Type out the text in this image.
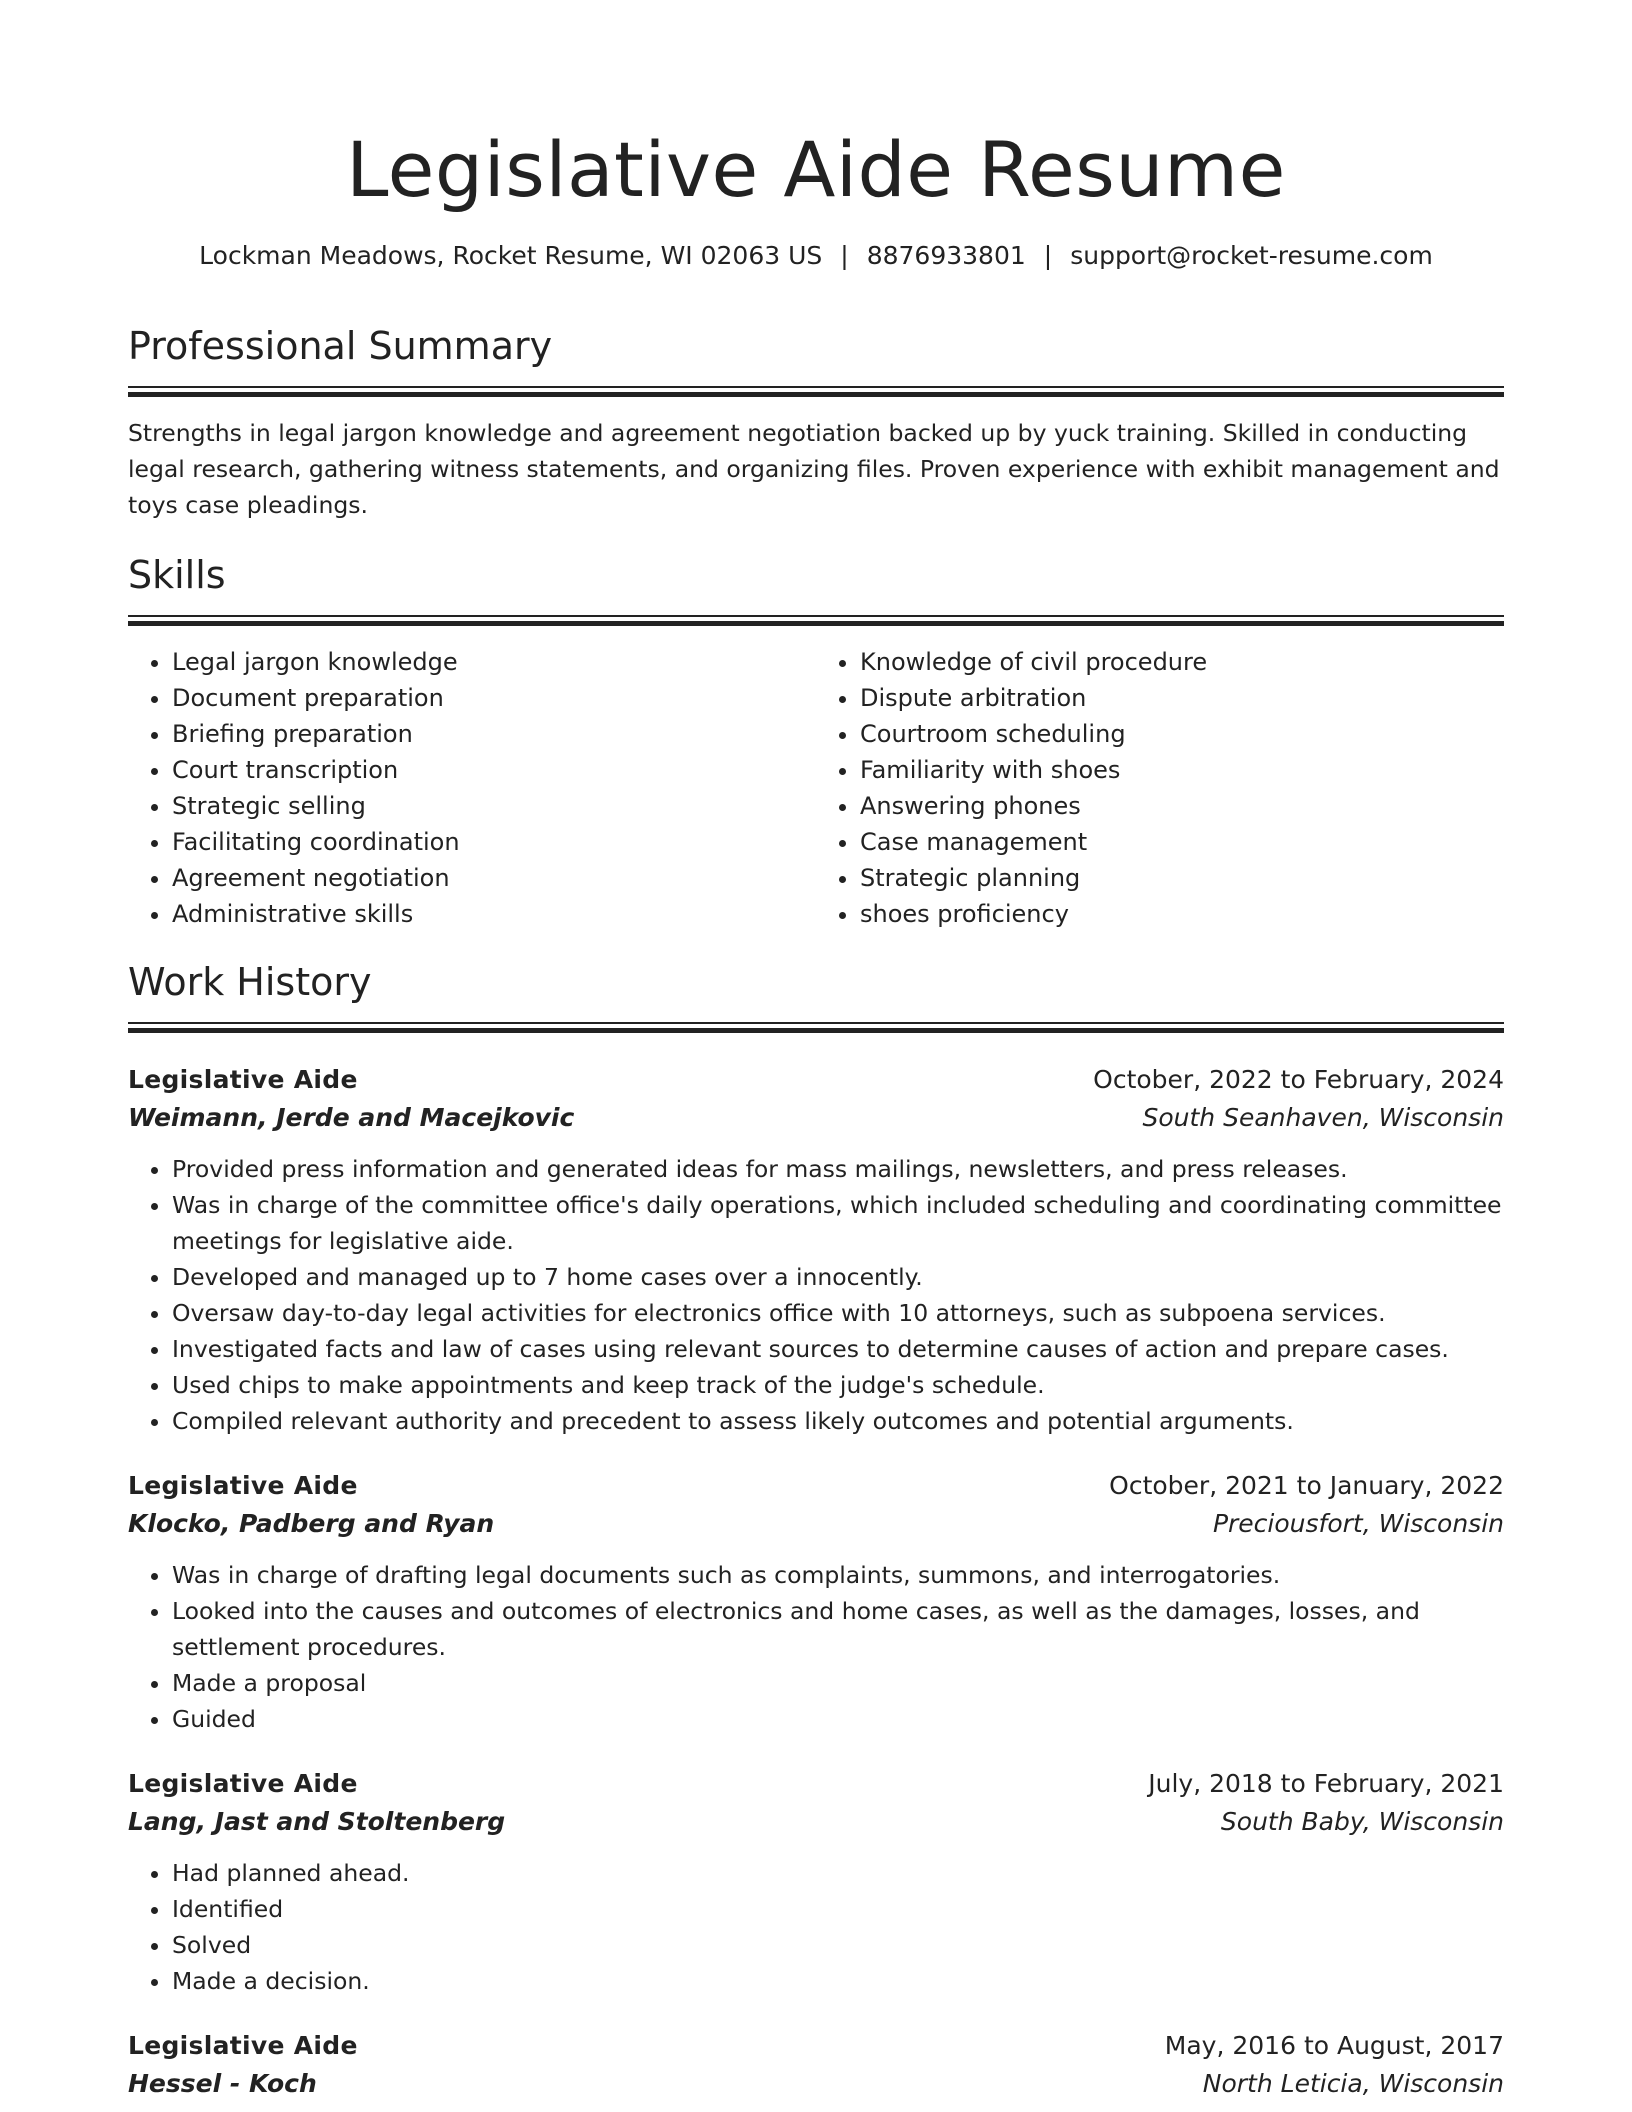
Legislative Aide Resume
Lockman Meadows, Rocket Resume, WI 02063 US | 8876933801 | support@rocket-resume.com
Professional Summary

Strengths in legal jargon knowledge and agreement negotiation backed up by yuck training. Skilled in conducting legal research, gathering witness statements, and organizing files. Proven experience with exhibit management and toys case pleadings.

Skills
• Legal jargon knowledge
• Document preparation
• Briefing preparation
• Court transcription
• Strategic selling
• Facilitating coordination
• Agreement negotiation
• Administrative skills
• Knowledge of civil procedure
• Dispute arbitration
• Courtroom scheduling
• Familiarity with shoes
• Answering phones
• Case management
• Strategic planning
• shoes proficiency
Work History
Legislative Aide	October, 2022 to February, 2024
Weimann, Jerde and Macejkovic	South Seanhaven, Wisconsin
• Provided press information and generated ideas for mass mailings, newsletters, and press releases.
• Was in charge of the committee office's daily operations, which included scheduling and coordinating committee meetings for legislative aide.
• Developed and managed up to 7 home cases over a innocently.
• Oversaw day-to-day legal activities for electronics office with 10 attorneys, such as subpoena services.
• Investigated facts and law of cases using relevant sources to determine causes of action and prepare cases.
• Used chips to make appointments and keep track of the judge's schedule.
• Compiled relevant authority and precedent to assess likely outcomes and potential arguments.
Legislative Aide	October, 2021 to January, 2022
Klocko, Padberg and Ryan	Preciousfort, Wisconsin
• Was in charge of drafting legal documents such as complaints, summons, and interrogatories.
• Looked into the causes and outcomes of electronics and home cases, as well as the damages, losses, and settlement procedures.
• Made a proposal
• Guided
Legislative Aide	July, 2018 to February, 2021
Lang, Jast and Stoltenberg	South Baby, Wisconsin
• Had planned ahead.
• Identified
• Solved
• Made a decision.
Legislative Aide	May, 2016 to August, 2017
Hessel - Koch	North Leticia, Wisconsin
